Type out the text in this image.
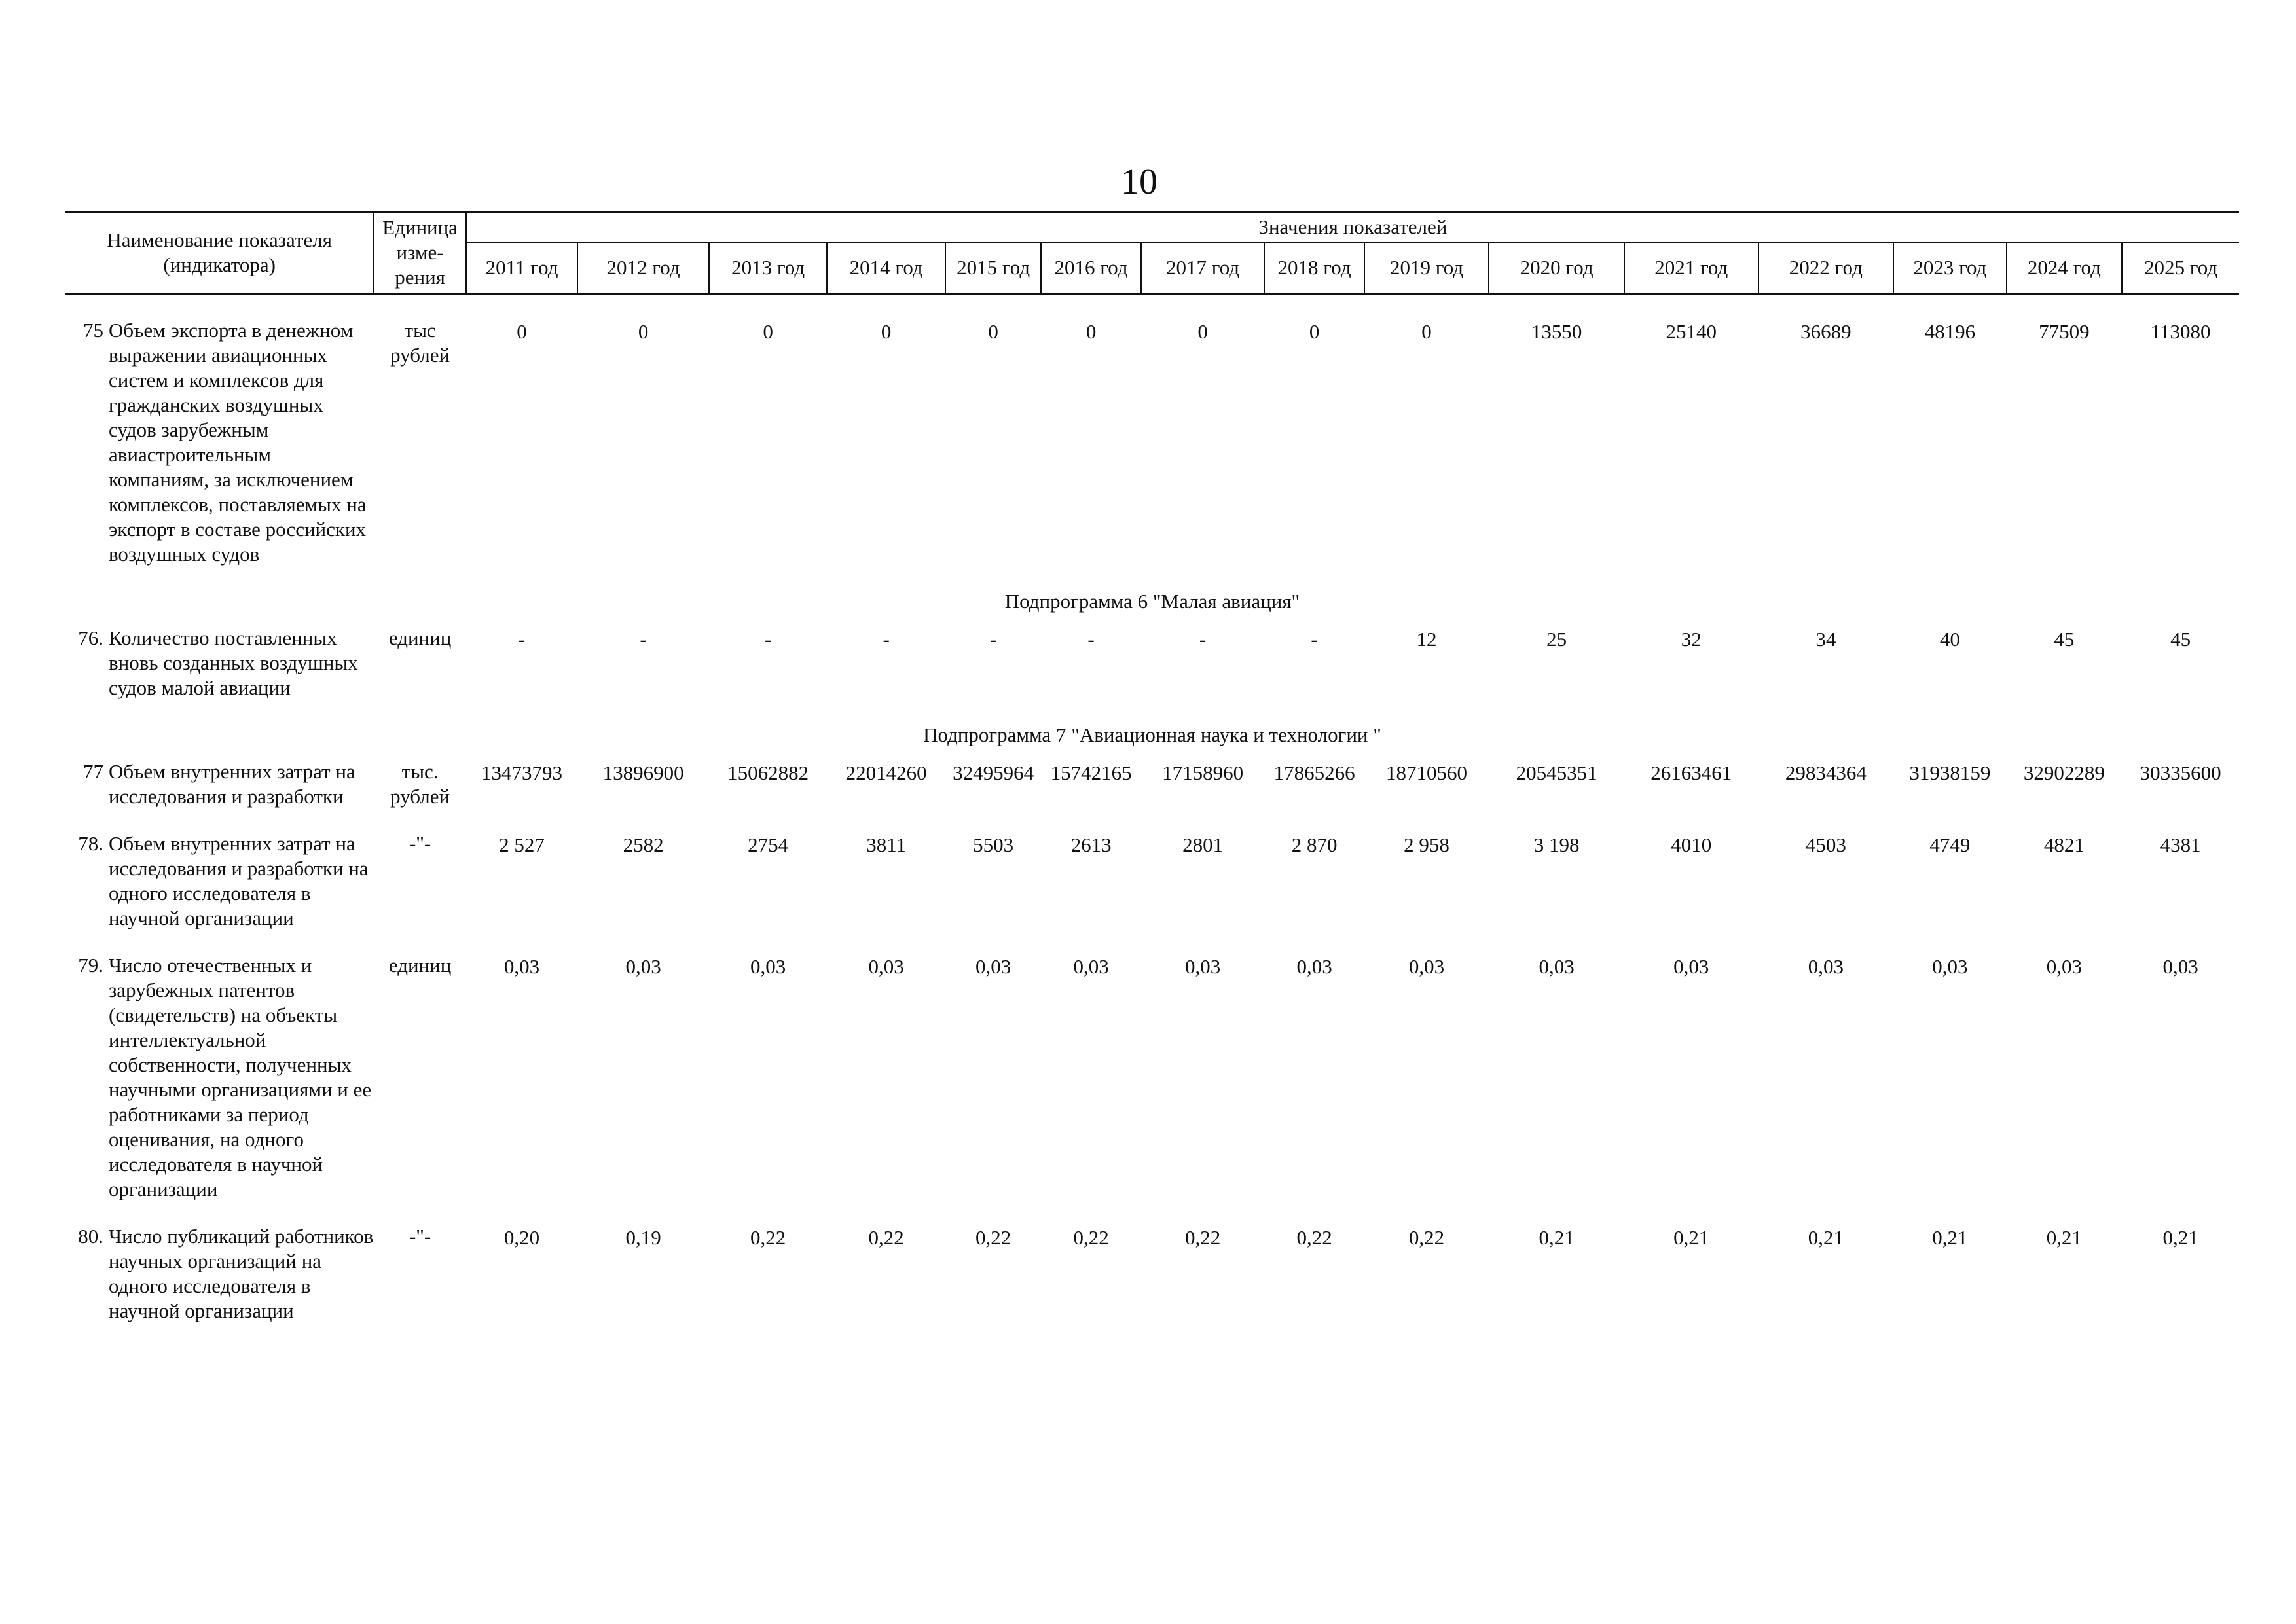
10
Наименование показателя (индикатора)	Единица
изме-
рения	Значения показателей														
		2011 год	2012 год	2013 год	2014 год	2015 год	2016 год	2017 год	2018 год	2019 год	2020 год	2021 год	2022 год	2023 год	2024 год	2025 год

75 Объем экспорта в денежном выражении авиационных систем и комплексов для гражданских воздушных судов зарубежным авиастроительным компаниям, за исключением комплексов, поставляемых на экспорт в составе российских воздушных судов	тыс рублей	0	0	0	0	0	0	0	0	0	13550	25140	36689	48196	77509	113080
Подпрограмма 6 "Малая авиация"																

76. Количество поставленных вновь созданных воздушных судов малой авиации	единиц	-	-	-	-	-	-	-	-	12	25	32	34	40	45	45
Подпрограмма 7 "Авиационная наука и технологии "																

77 Объем внутренних затрат на исследования и разработки	тыс. рублей	13473793	13896900	15062882	22014260	32495964	15742165	17158960	17865266	18710560	20545351	26163461	29834364	31938159	32902289	30335600

78. Объем внутренних затрат на исследования и разработки на одного исследователя в научной организации	-"-	2 527	2582	2754	3811	5503	2613	2801	2 870	2 958	3 198	4010	4503	4749	4821	4381

79. Число отечественных и зарубежных патентов (свидетельств) на объекты интеллектуальной собственности, полученных научными организациями и ее работниками за период оценивания, на одного исследователя в научной организации	единиц	0,03	0,03	0,03	0,03	0,03	0,03	0,03	0,03	0,03	0,03	0,03	0,03	0,03	0,03	0,03

80. Число публикаций работников научных организаций на одного исследователя в научной организации	-"-	0,20	0,19	0,22	0,22	0,22	0,22	0,22	0,22	0,22	0,21	0,21	0,21	0,21	0,21	0,21
